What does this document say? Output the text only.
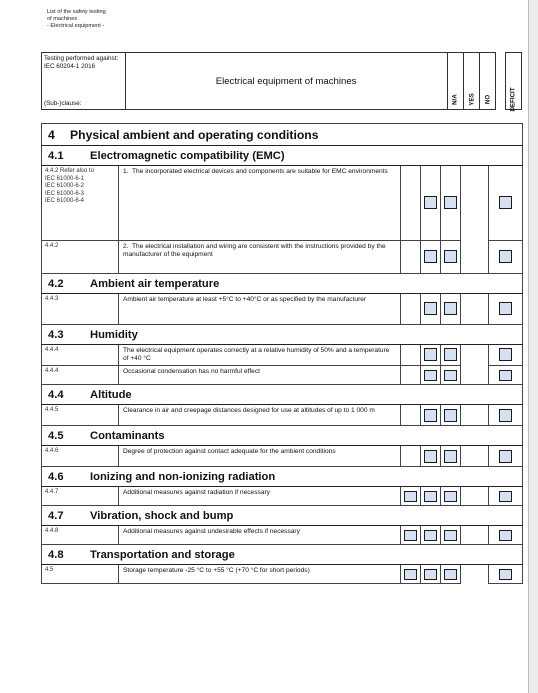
List of the safety testing
of machines
- Electrical equipment -
Testing performed against:
IEC 60204-1 2016
(Sub-)clause:
	Electrical equipment of machines	
N/A	YES	NO		DEFICIT
4 Physical ambient and operating conditions						
4.1 Electromagnetic compatibility (EMC)						
4.4.2 Refer also to
IEC 61000-6-1
IEC 61000-6-2
IEC 61000-6-3
IEC 61000-6-4	1. The incorporated electrical devices and components are suitable for EMC environments					
4.4.2	2. The electrical installation and wiring are consistent with the instructions provided by the manufacturer of the equipment					
4.2 Ambient air temperature						
4.4.3	Ambient air temperature at least +5°C to +40°C or as specified by the manufacturer					
4.3 Humidity						
4.4.4	The electrical equipment operates correctly at a relative humidity of 50% and a temperature of +40 °C					
4.4.4	Occasional condensation has no harmful effect					
4.4 Altitude						
4.4.5	Clearance in air and creepage distances designed for use at altitudes of up to 1 000 m					
4.5 Contaminants						
4.4.6	Degree of protection against contact adequate for the ambient conditions					
4.6 Ionizing and non-ionizing radiation						
4.4.7	Additional measures against radiation if necessary					
4.7 Vibration, shock and bump						
4.4.8	Additional measures against undesirable effects if necessary					
4.8 Transportation and storage						
4.5	Storage temperature -25 °C to +55 °C (+70 °C for short periods)					
